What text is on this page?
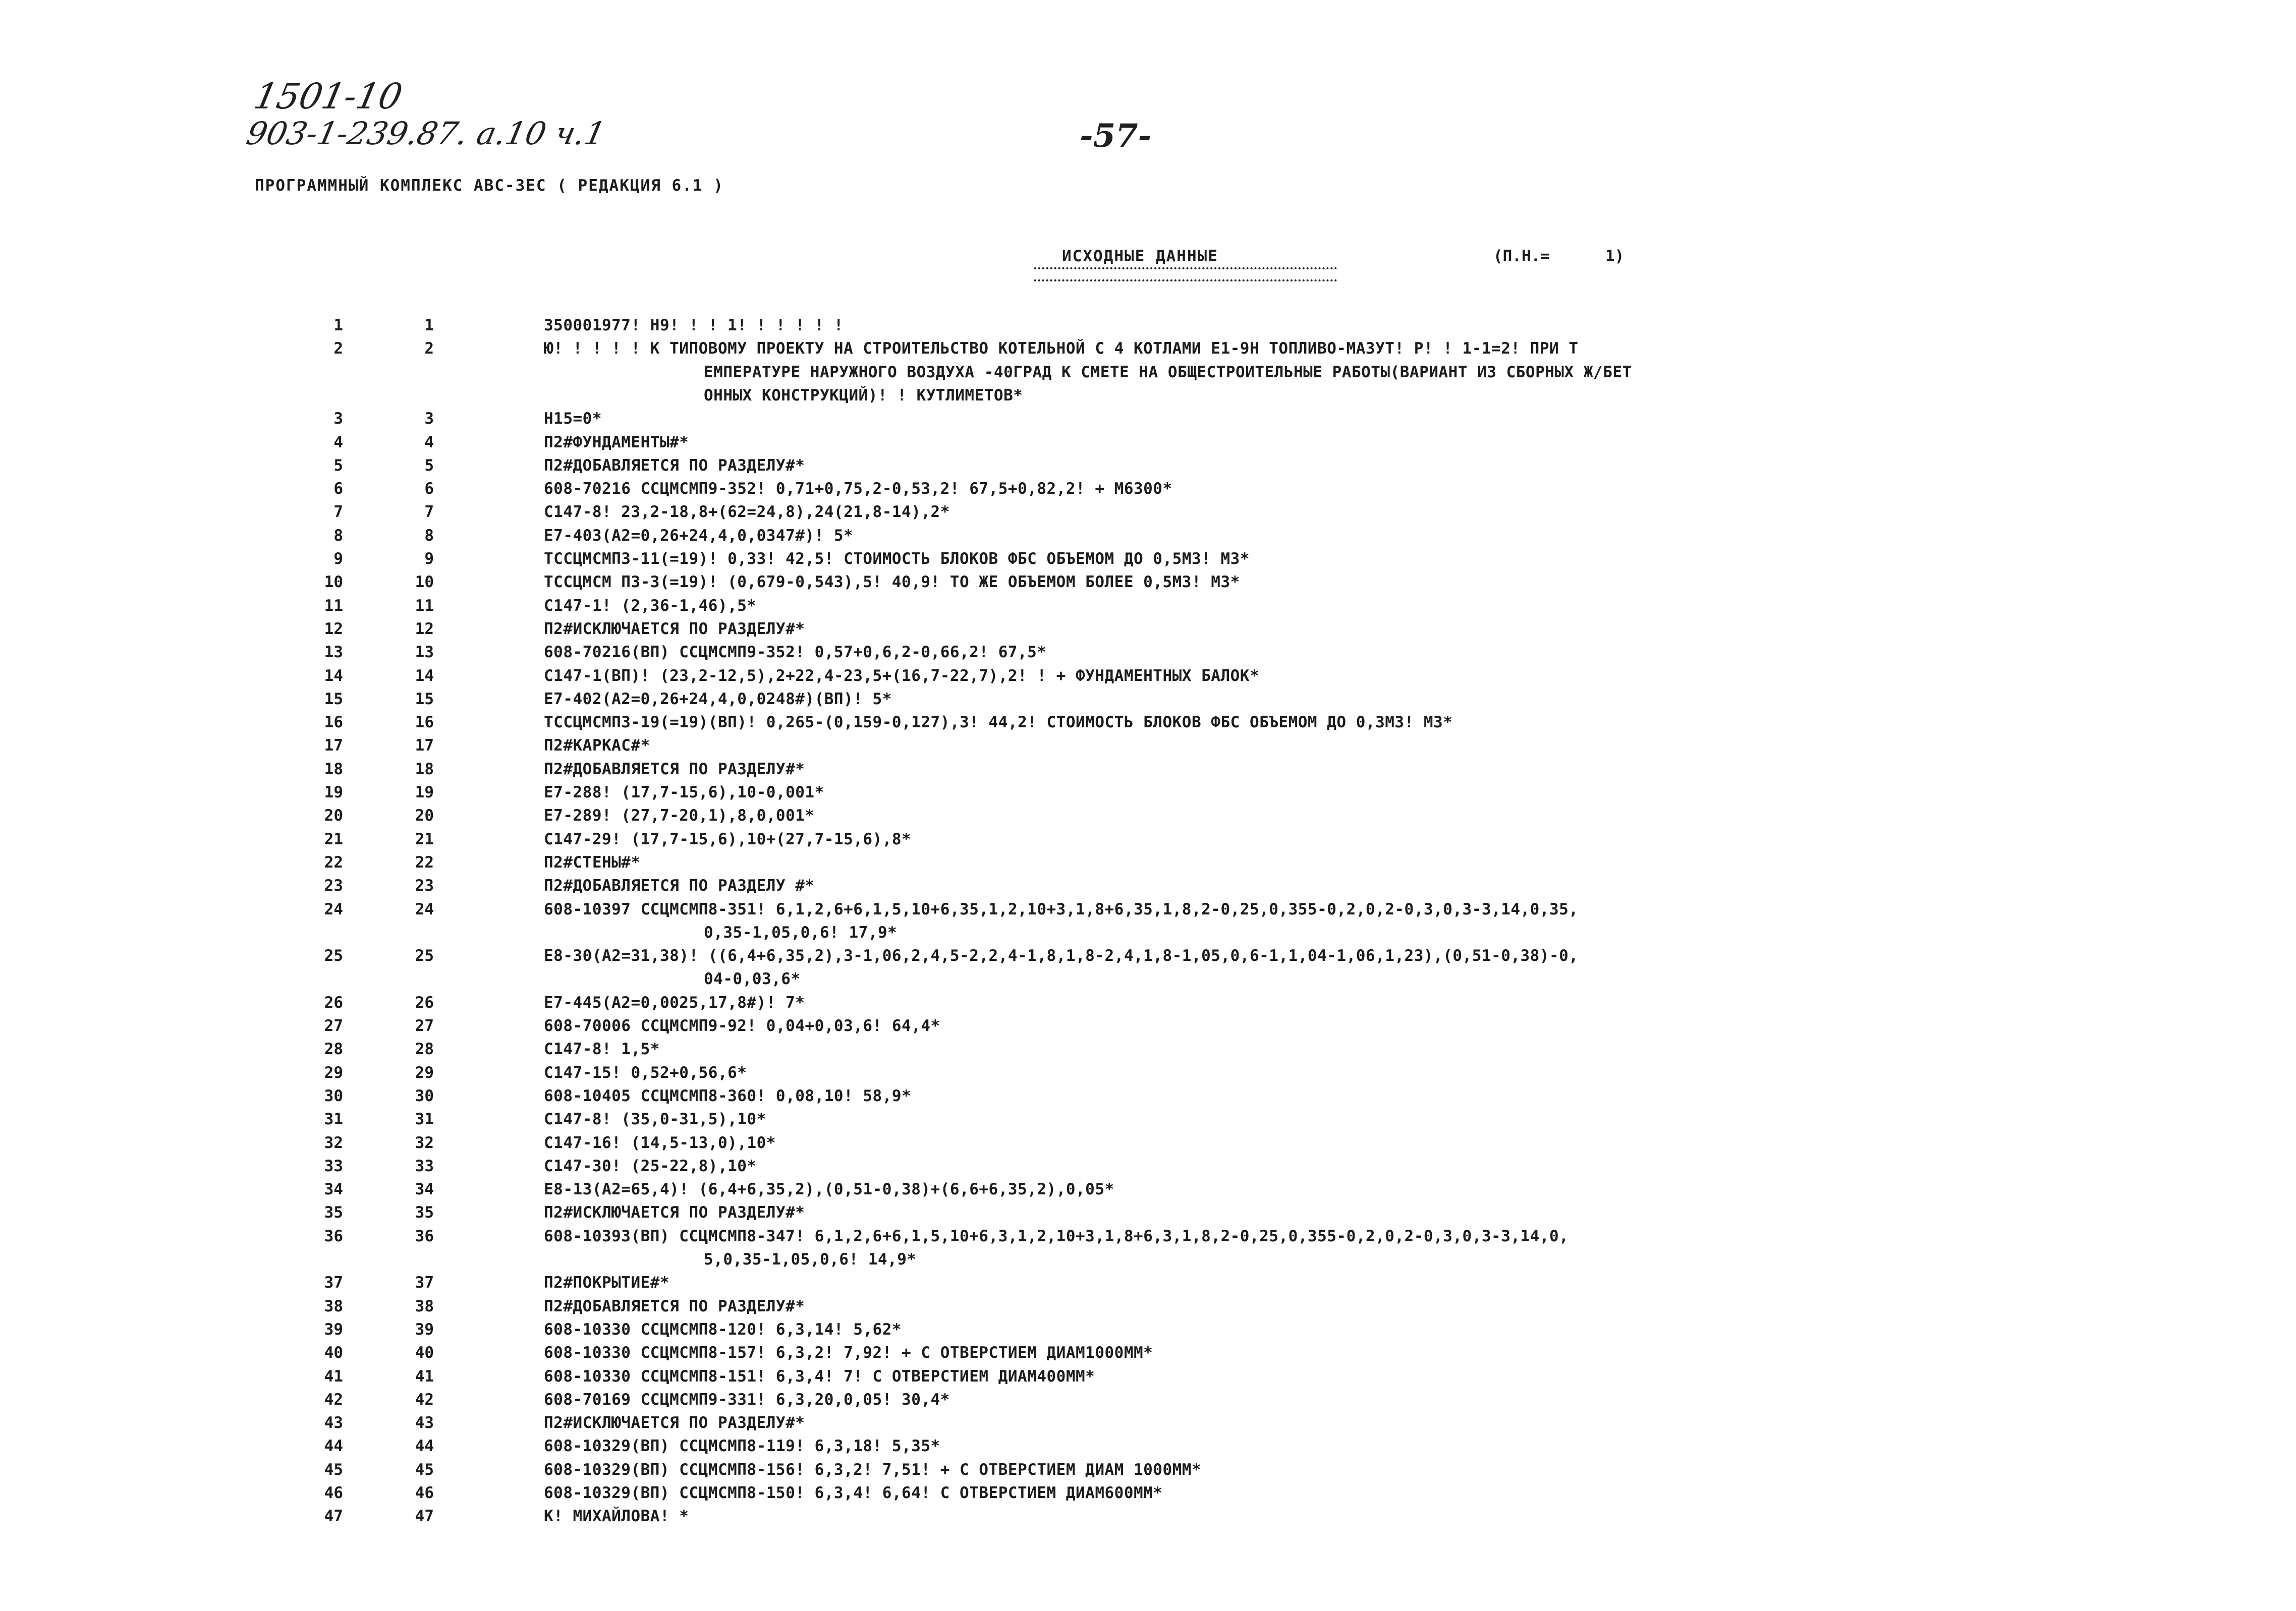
1501-10
903-1-239.87. а.10 ч.1	-57-
ПРОГРАММНЫЙ КОМПЛЕКС АВС-ЗЕС ( РЕДАКЦИЯ 6.1 )
ИСХОДНЫЕ ДАННЫЕ	(П.Н.=	1)
1	1	350001977! Н9! ! ! 1! ! ! ! ! !
2	2	Ю! ! ! ! ! К ТИПОВОМУ ПРОЕКТУ НА СТРОИТЕЛЬСТВО КОТЕЛЬНОЙ С 4 КОТЛАМИ Е1-9Н ТОПЛИВО-МАЗУТ! Р! ! 1-1=2! ПРИ Т
ЕМПЕРАТУРЕ НАРУЖНОГО ВОЗДУХА -40ГРАД К СМЕТЕ НА ОБЩЕСТРОИТЕЛЬНЫЕ РАБОТЫ(ВАРИАНТ ИЗ СБОРНЫХ Ж/БЕТ
ОННЫХ КОНСТРУКЦИЙ)! ! КУТЛИМЕТОВ*
3	3	Н15=0*
4	4	П2#ФУНДАМЕНТЫ#*
5	5	П2#ДОБАВЛЯЕТСЯ ПО РАЗДЕЛУ#*
6	6	608-70216 ССЦМСМП9-352! 0,71+0,75,2-0,53,2! 67,5+0,82,2! + М6300*
7	7	С147-8! 23,2-18,8+(62=24,8),24(21,8-14),2*
8	8	Е7-403(А2=0,26+24,4,0,0347#)! 5*
9	9	ТССЦМСМП3-11(=19)! 0,33! 42,5! СТОИМОСТЬ БЛОКОВ ФБС ОБЪЕМОМ ДО 0,5МЗ! МЗ*
10	10	ТССЦМСМ П3-3(=19)! (0,679-0,543),5! 40,9! ТО ЖЕ ОБЪЕМОМ БОЛЕЕ 0,5МЗ! МЗ*
11	11	С147-1! (2,36-1,46),5*
12	12	П2#ИСКЛЮЧАЕТСЯ ПО РАЗДЕЛУ#*
13	13	608-70216(ВП) ССЦМСМП9-352! 0,57+0,6,2-0,66,2! 67,5*
14	14	С147-1(ВП)! (23,2-12,5),2+22,4-23,5+(16,7-22,7),2! ! + ФУНДАМЕНТНЫХ БАЛОК*
15	15	Е7-402(А2=0,26+24,4,0,0248#)(ВП)! 5*
16	16	ТССЦМСМП3-19(=19)(ВП)! 0,265-(0,159-0,127),3! 44,2! СТОИМОСТЬ БЛОКОВ ФБС ОБЪЕМОМ ДО 0,3МЗ! МЗ*
17	17	П2#КАРКАС#*
18	18	П2#ДОБАВЛЯЕТСЯ ПО РАЗДЕЛУ#*
19	19	Е7-288! (17,7-15,6),10-0,001*
20	20	Е7-289! (27,7-20,1),8,0,001*
21	21	С147-29! (17,7-15,6),10+(27,7-15,6),8*
22	22	П2#СТЕНЫ#*
23	23	П2#ДОБАВЛЯЕТСЯ ПО РАЗДЕЛУ #*
24	24	608-10397 ССЦМСМП8-351! 6,1,2,6+6,1,5,10+6,35,1,2,10+3,1,8+6,35,1,8,2-0,25,0,355-0,2,0,2-0,3,0,3-3,14,0,35,
0,35-1,05,0,6! 17,9*
25	25	Е8-30(А2=31,38)! ((6,4+6,35,2),3-1,06,2,4,5-2,2,4-1,8,1,8-2,4,1,8-1,05,0,6-1,1,04-1,06,1,23),(0,51-0,38)-0,
04-0,03,6*
26	26	Е7-445(А2=0,0025,17,8#)! 7*
27	27	608-70006 ССЦМСМП9-92! 0,04+0,03,6! 64,4*
28	28	С147-8! 1,5*
29	29	С147-15! 0,52+0,56,6*
30	30	608-10405 ССЦМСМП8-360! 0,08,10! 58,9*
31	31	С147-8! (35,0-31,5),10*
32	32	С147-16! (14,5-13,0),10*
33	33	С147-30! (25-22,8),10*
34	34	Е8-13(А2=65,4)! (6,4+6,35,2),(0,51-0,38)+(6,6+6,35,2),0,05*
35	35	П2#ИСКЛЮЧАЕТСЯ ПО РАЗДЕЛУ#*
36	36	608-10393(ВП) ССЦМСМП8-347! 6,1,2,6+6,1,5,10+6,3,1,2,10+3,1,8+6,3,1,8,2-0,25,0,355-0,2,0,2-0,3,0,3-3,14,0,
5,0,35-1,05,0,6! 14,9*
37	37	П2#ПОКРЫТИЕ#*
38	38	П2#ДОБАВЛЯЕТСЯ ПО РАЗДЕЛУ#*
39	39	608-10330 ССЦМСМП8-120! 6,3,14! 5,62*
40	40	608-10330 ССЦМСМП8-157! 6,3,2! 7,92! + С ОТВЕРСТИЕМ ДИАМ1000ММ*
41	41	608-10330 ССЦМСМП8-151! 6,3,4! 7! С ОТВЕРСТИЕМ ДИАМ400ММ*
42	42	608-70169 ССЦМСМП9-331! 6,3,20,0,05! 30,4*
43	43	П2#ИСКЛЮЧАЕТСЯ ПО РАЗДЕЛУ#*
44	44	608-10329(ВП) ССЦМСМП8-119! 6,3,18! 5,35*
45	45	608-10329(ВП) ССЦМСМП8-156! 6,3,2! 7,51! + С ОТВЕРСТИЕМ ДИАМ 1000ММ*
46	46	608-10329(ВП) ССЦМСМП8-150! 6,3,4! 6,64! С ОТВЕРСТИЕМ ДИАМ600ММ*
47	47	К! МИХАЙЛОВА! *
